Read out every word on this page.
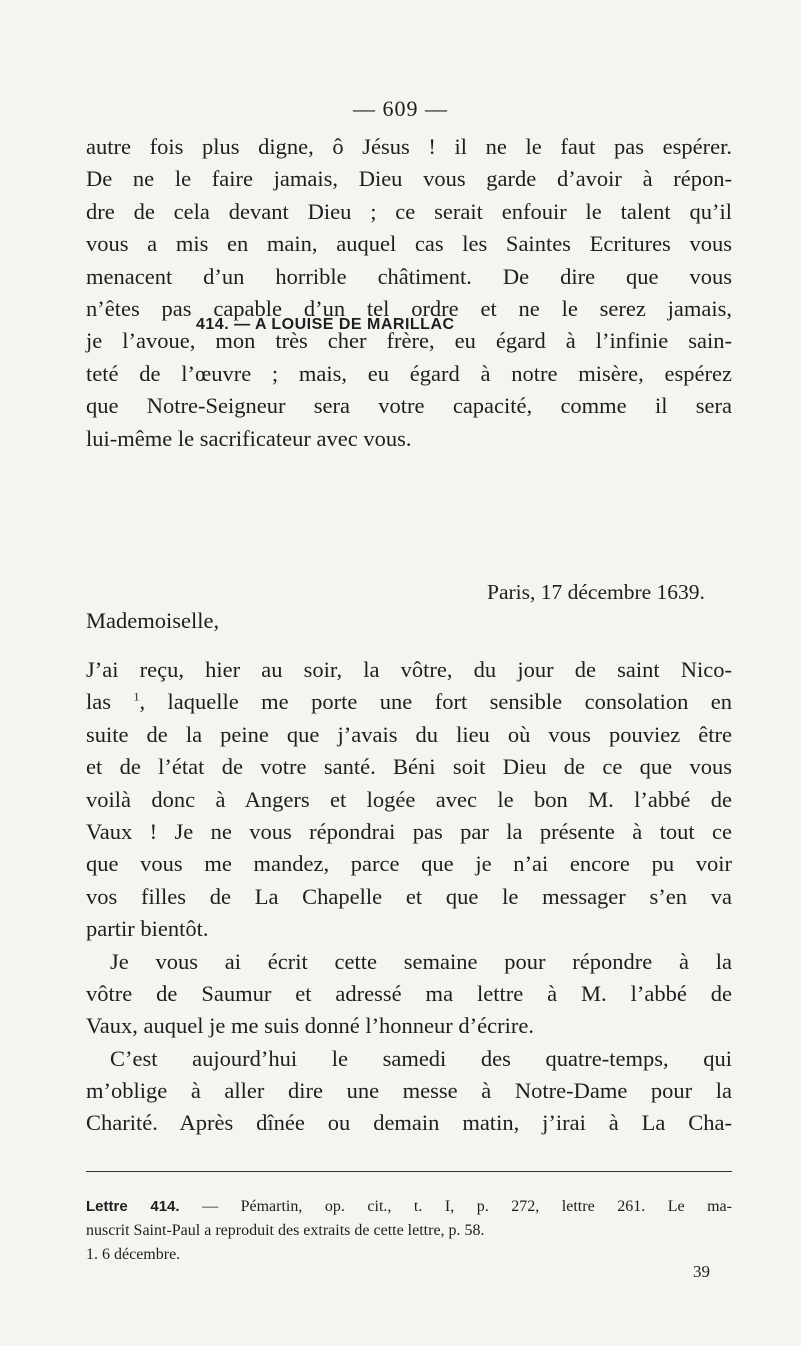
— 609 —
autre fois plus digne, ô Jésus ! il ne le faut pas espérer.
De ne le faire jamais, Dieu vous garde d’avoir à répon-
dre de cela devant Dieu ; ce serait enfouir le talent qu’il
vous a mis en main, auquel cas les Saintes Ecritures vous
menacent d’un horrible châtiment. De dire que vous
n’êtes pas capable d’un tel ordre et ne le serez jamais,
je l’avoue, mon très cher frère, eu égard à l’infinie sain-
teté de l’œuvre ; mais, eu égard à notre misère, espérez
que Notre-Seigneur sera votre capacité, comme il sera
lui-même le sacrificateur avec vous.
414. — A LOUISE DE MARILLAC
Paris, 17 décembre 1639.
Mademoiselle,
J’ai reçu, hier au soir, la vôtre, du jour de saint Nico-
las $^1$, laquelle me porte une fort sensible consolation en
suite de la peine que j’avais du lieu où vous pouviez être
et de l’état de votre santé. Béni soit Dieu de ce que vous
voilà donc à Angers et logée avec le bon M. l’abbé de
Vaux ! Je ne vous répondrai pas par la présente à tout ce
que vous me mandez, parce que je n’ai encore pu voir
vos filles de La Chapelle et que le messager s’en va
partir bientôt.
Je vous ai écrit cette semaine pour répondre à la
vôtre de Saumur et adressé ma lettre à M. l’abbé de
Vaux, auquel je me suis donné l’honneur d’écrire.
C’est aujourd’hui le samedi des quatre-temps, qui
m’oblige à aller dire une messe à Notre-Dame pour la
Charité. Après dînée ou demain matin, j’irai à La Cha-
Lettre 414. — Pémartin, op. cit., t. I, p. 272, lettre 261. Le ma-
nuscrit Saint-Paul a reproduit des extraits de cette lettre, p. 58.
1. 6 décembre.
39
